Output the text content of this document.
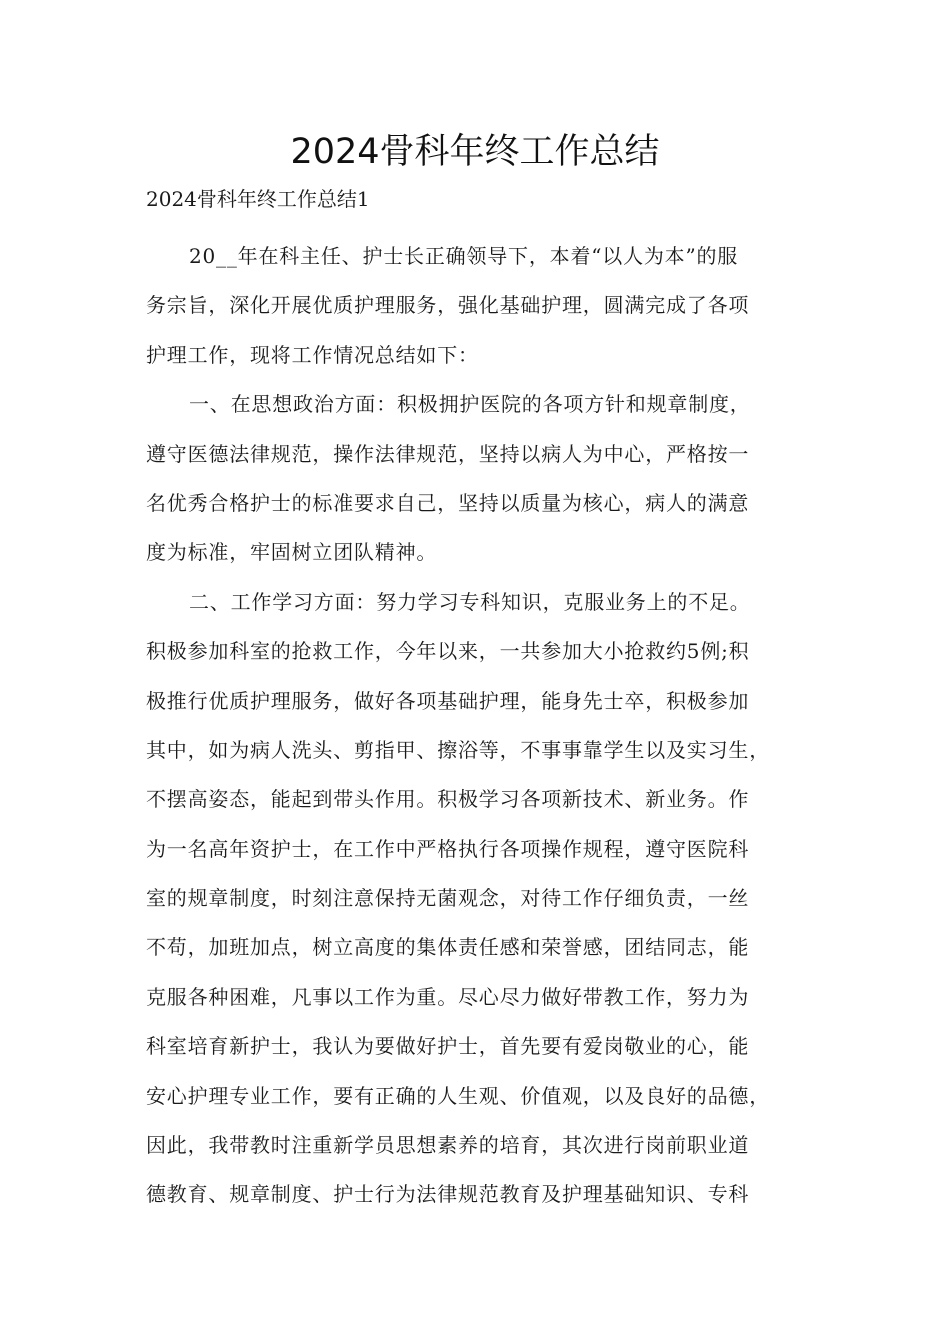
2024骨科年终工作总结

2024骨科年终工作总结1

20__年在科主任、护士长正确领导下，本着“以人为本”的服
务宗旨，深化开展优质护理服务，强化基础护理，圆满完成了各项
护理工作，现将工作情况总结如下：
一、在思想政治方面：积极拥护医院的各项方针和规章制度，
遵守医德法律规范，操作法律规范，坚持以病人为中心，严格按一
名优秀合格护士的标准要求自己，坚持以质量为核心，病人的满意
度为标准，牢固树立团队精神。
二、工作学习方面：努力学习专科知识，克服业务上的不足。
积极参加科室的抢救工作，今年以来，一共参加大小抢救约5例;积
极推行优质护理服务，做好各项基础护理，能身先士卒，积极参加
其中，如为病人洗头、剪指甲、擦浴等，不事事靠学生以及实习生，
不摆高姿态，能起到带头作用。积极学习各项新技术、新业务。作
为一名高年资护士，在工作中严格执行各项操作规程，遵守医院科
室的规章制度，时刻注意保持无菌观念，对待工作仔细负责，一丝
不苟，加班加点，树立高度的集体责任感和荣誉感，团结同志，能
克服各种困难，凡事以工作为重。尽心尽力做好带教工作，努力为
科室培育新护士，我认为要做好护士，首先要有爱岗敬业的心，能
安心护理专业工作，要有正确的人生观、价值观，以及良好的品德，
因此，我带教时注重新学员思想素养的培育，其次进行岗前职业道
德教育、规章制度、护士行为法律规范教育及护理基础知识、专科
